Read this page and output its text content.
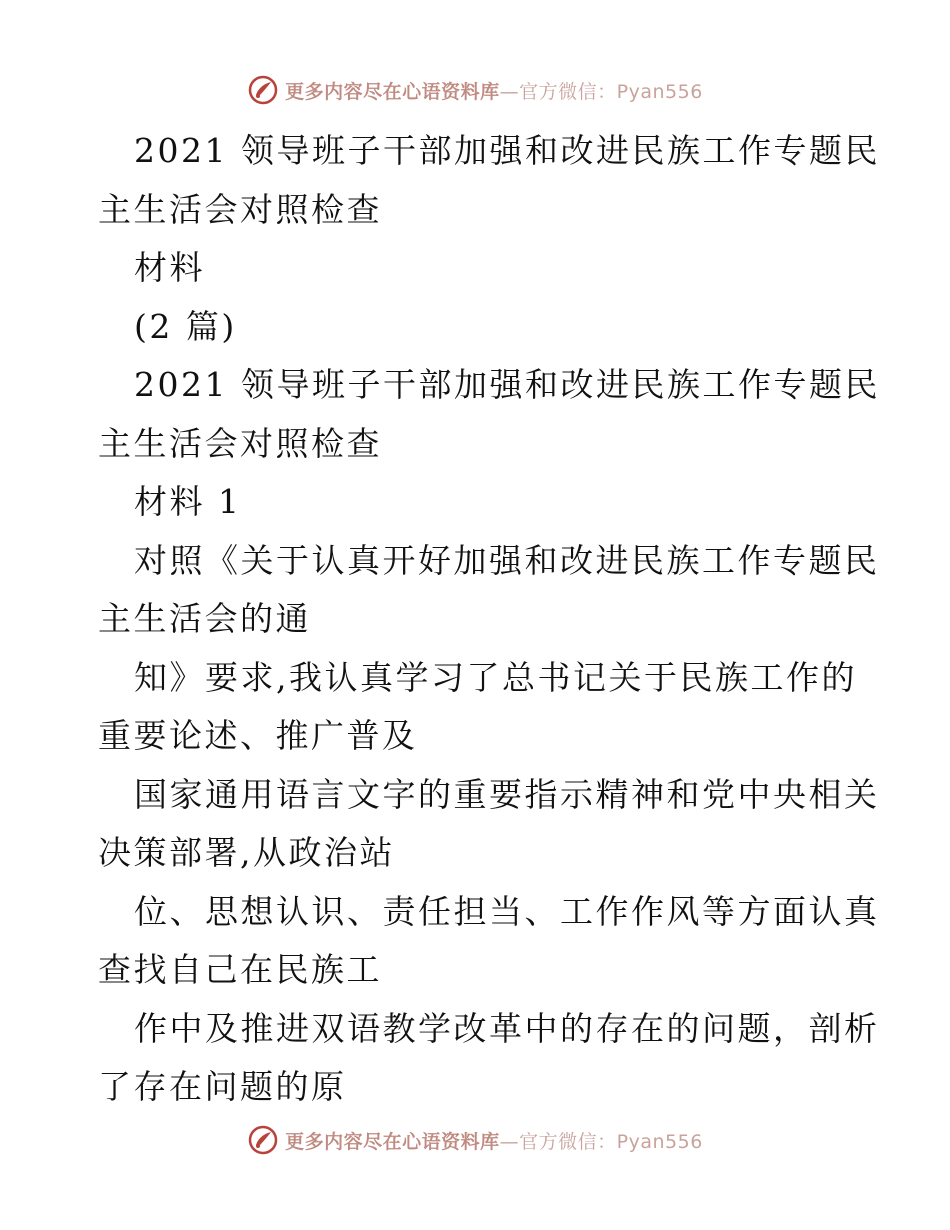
更多内容尽在心语资料库—官方微信：Pyan556
2021 领导班子干部加强和改进民族工作专题民
主生活会对照检查
材料
(2 篇)
2021 领导班子干部加强和改进民族工作专题民
主生活会对照检查
材料 1
对照《关于认真开好加强和改进民族工作专题民
主生活会的通
知》要求,我认真学习了总书记关于民族工作的
重要论述、推广普及
国家通用语言文字的重要指示精神和党中央相关
决策部署,从政治站
位、思想认识、责任担当、工作作风等方面认真
查找自己在民族工
作中及推进双语教学改革中的存在的问题，剖析
了存在问题的原
更多内容尽在心语资料库—官方微信：Pyan556
